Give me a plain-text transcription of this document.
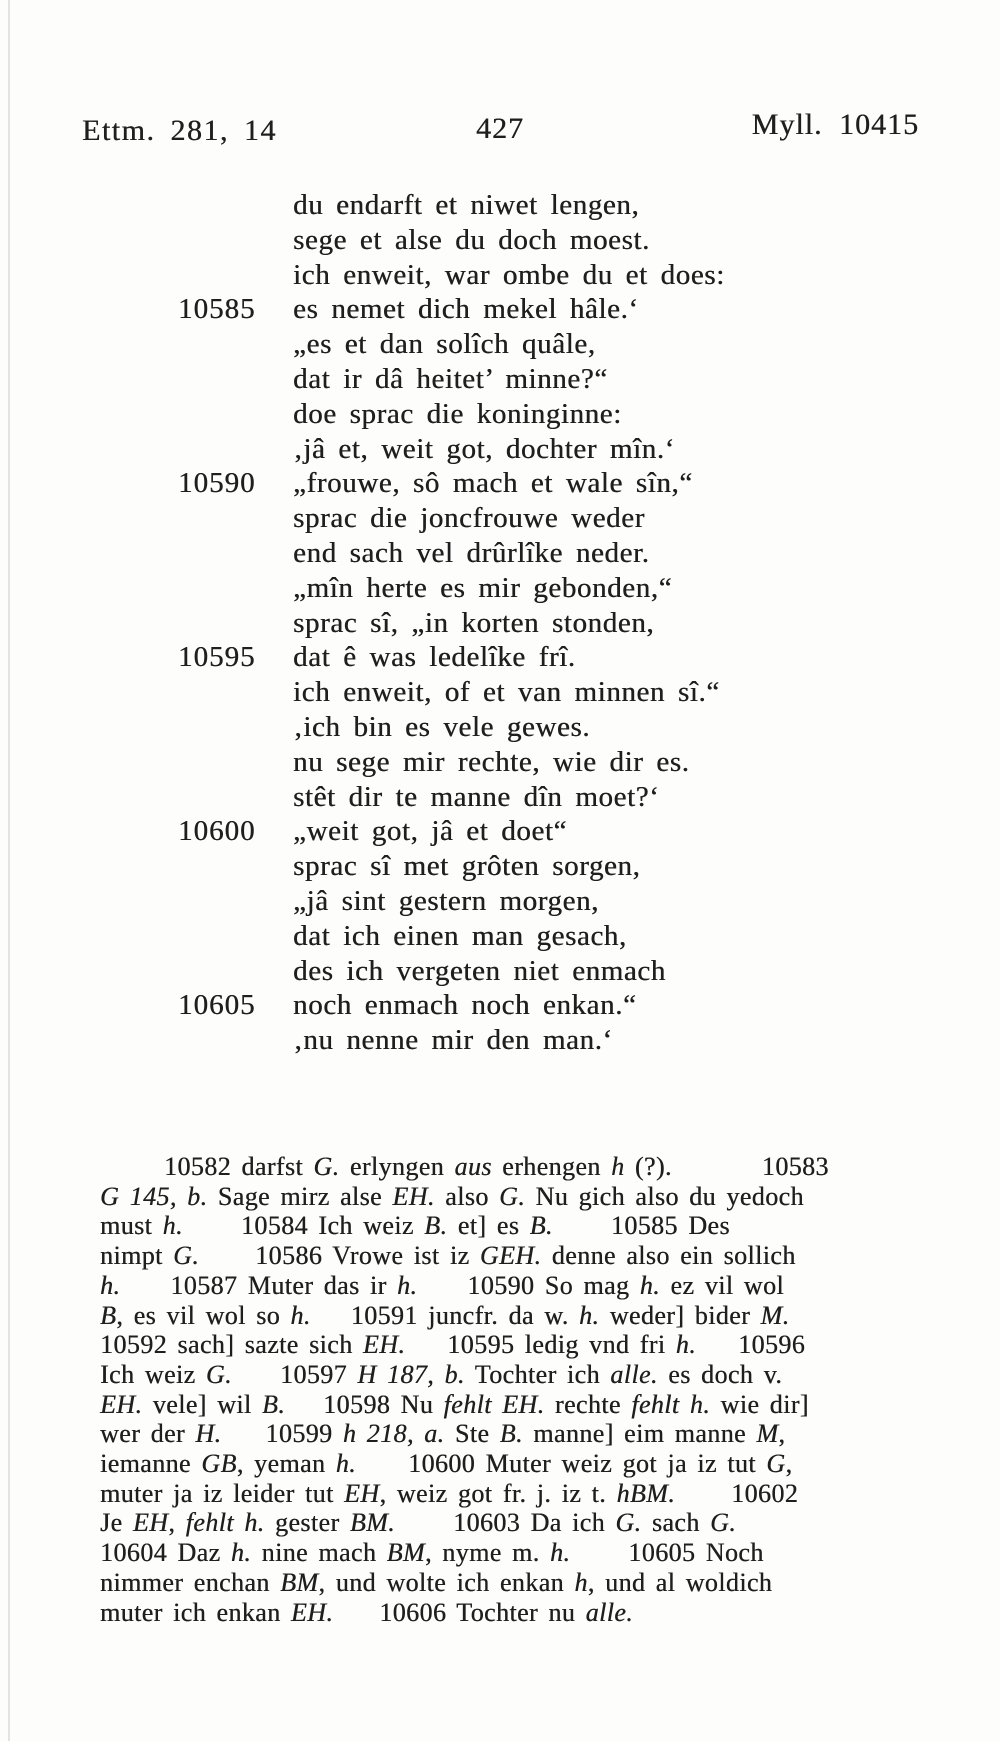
Ettm. 281, 14	427	Myll. 10415
du endarft et niwet lengen,
sege et alse du doch moest.
ich enweit, war ombe du et does:
10585 es nemet dich mekel hâle.‘
„es et dan solîch quâle,
dat ir dâ heitet’ minne?“
doe sprac die koninginne:
‚jâ et, weit got, dochter mîn.‘
10590 „frouwe, sô mach et wale sîn,“
sprac die joncfrouwe weder
end sach vel drûrlîke neder.
„mîn herte es mir gebonden,“
sprac sî, „in korten stonden,
10595 dat ê was ledelîke frî.
ich enweit, of et van minnen sî.“
‚ich bin es vele gewes.
nu sege mir rechte, wie dir es.
stêt dir te manne dîn moet?‘
10600 „weit got, jâ et doet“
sprac sî met grôten sorgen,
„jâ sint gestern morgen,
dat ich einen man gesach,
des ich vergeten niet enmach
10605 noch enmach noch enkan.“
‚nu nenne mir den man.‘
10582 darfst G. erlyngen aus erhengen h (?).	10583
G 145, b. Sage mirz alse EH. also G. Nu gich also du yedoch
must h. 10584 Ich weiz B. et] es B. 10585 Des
nimpt G. 10586 Vrowe ist iz GEH. denne also ein sollich
h. 10587 Muter das ir h. 10590 So mag h. ez vil wol
B, es vil wol so h. 10591 juncfr. da w. h. weder] bider M.
10592 sach] sazte sich EH. 10595 ledig vnd fri h. 10596
Ich weiz G. 10597 H 187, b. Tochter ich alle. es doch v.
EH. vele] wil B. 10598 Nu fehlt EH. rechte fehlt h. wie dir]
wer der H. 10599 h 218, a. Ste B. manne] eim manne M,
iemanne GB, yeman h. 10600 Muter weiz got ja iz tut G,
muter ja iz leider tut EH, weiz got fr. j. iz t. hBM. 10602
Je EH, fehlt h. gester BM. 10603 Da ich G. sach G.
10604 Daz h. nine mach BM, nyme m. h. 10605 Noch
nimmer enchan BM, und wolte ich enkan h, und al woldich
muter ich enkan EH. 10606 Tochter nu alle.
